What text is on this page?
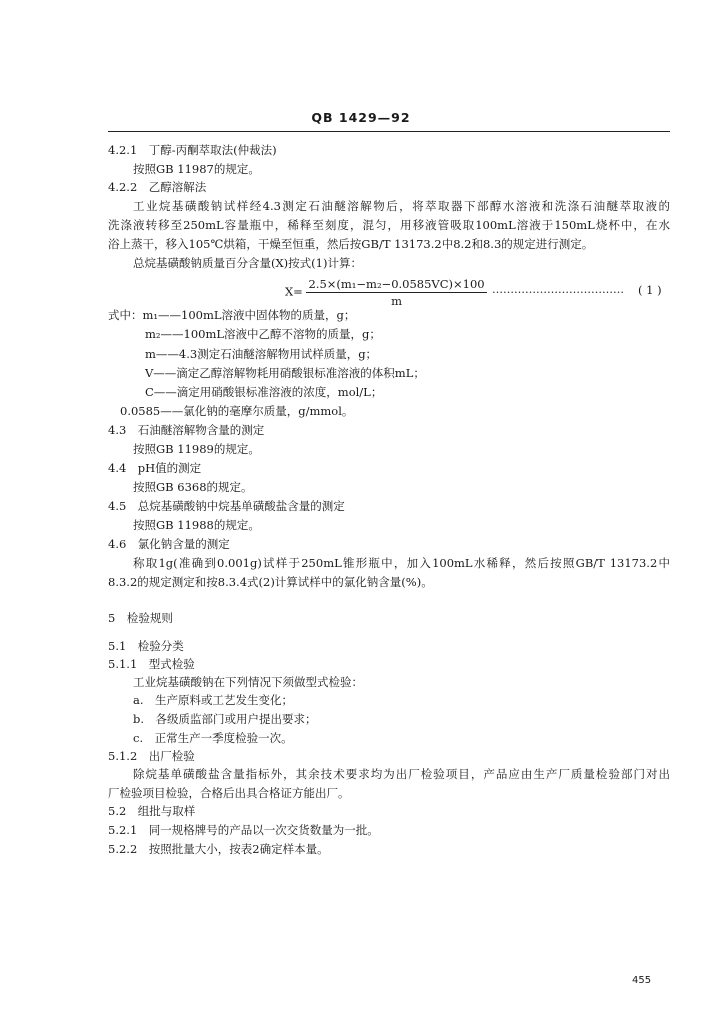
QB 1429—92
4.2.1　丁醇-丙酮萃取法(仲裁法)
按照GB 11987的规定。
4.2.2　乙醇溶解法
工业烷基磺酸钠试样经4.3测定石油醚溶解物后，将萃取器下部醇水溶液和洗涤石油醚萃取液的
洗涤液转移至250mL容量瓶中，稀释至刻度，混匀，用移液管吸取100mL溶液于150mL烧杯中，在水
浴上蒸干，移入105℃烘箱，干燥至恒重，然后按GB/T 13173.2中8.2和8.3的规定进行测定。
总烷基磺酸钠质量百分含量(X)按式(1)计算：
$X= \frac{\text{2.5×(m₁−m₂−0.0585VC)×100}}{m}$ ……………………………… ( 1 )
式中：m₁——100mL溶液中固体物的质量，g；
m₂——100mL溶液中乙醇不溶物的质量，g；
m——4.3测定石油醚溶解物用试样质量，g；
V——滴定乙醇溶解物耗用硝酸银标准溶液的体积mL；
C——滴定用硝酸银标准溶液的浓度，mol/L；
0.0585——氯化钠的毫摩尔质量，g/mmol。
4.3　石油醚溶解物含量的测定
按照GB 11989的规定。
4.4　pH值的测定
按照GB 6368的规定。
4.5　总烷基磺酸钠中烷基单磺酸盐含量的测定
按照GB 11988的规定。
4.6　氯化钠含量的测定
称取1g(准确到0.001g)试样于250mL锥形瓶中，加入100mL水稀释，然后按照GB/T 13173.2中
8.3.2的规定测定和按8.3.4式(2)计算试样中的氯化钠含量(%)。
5　检验规则
5.1　检验分类
5.1.1　型式检验
工业烷基磺酸钠在下列情况下须做型式检验：
a.　生产原料或工艺发生变化；
b.　各级质监部门或用户提出要求；
c.　正常生产一季度检验一次。
5.1.2　出厂检验
除烷基单磺酸盐含量指标外，其余技术要求均为出厂检验项目，产品应由生产厂质量检验部门对出
厂检验项目检验，合格后出具合格证方能出厂。
5.2　组批与取样
5.2.1　同一规格牌号的产品以一次交货数量为一批。
5.2.2　按照批量大小，按表2确定样本量。
455
